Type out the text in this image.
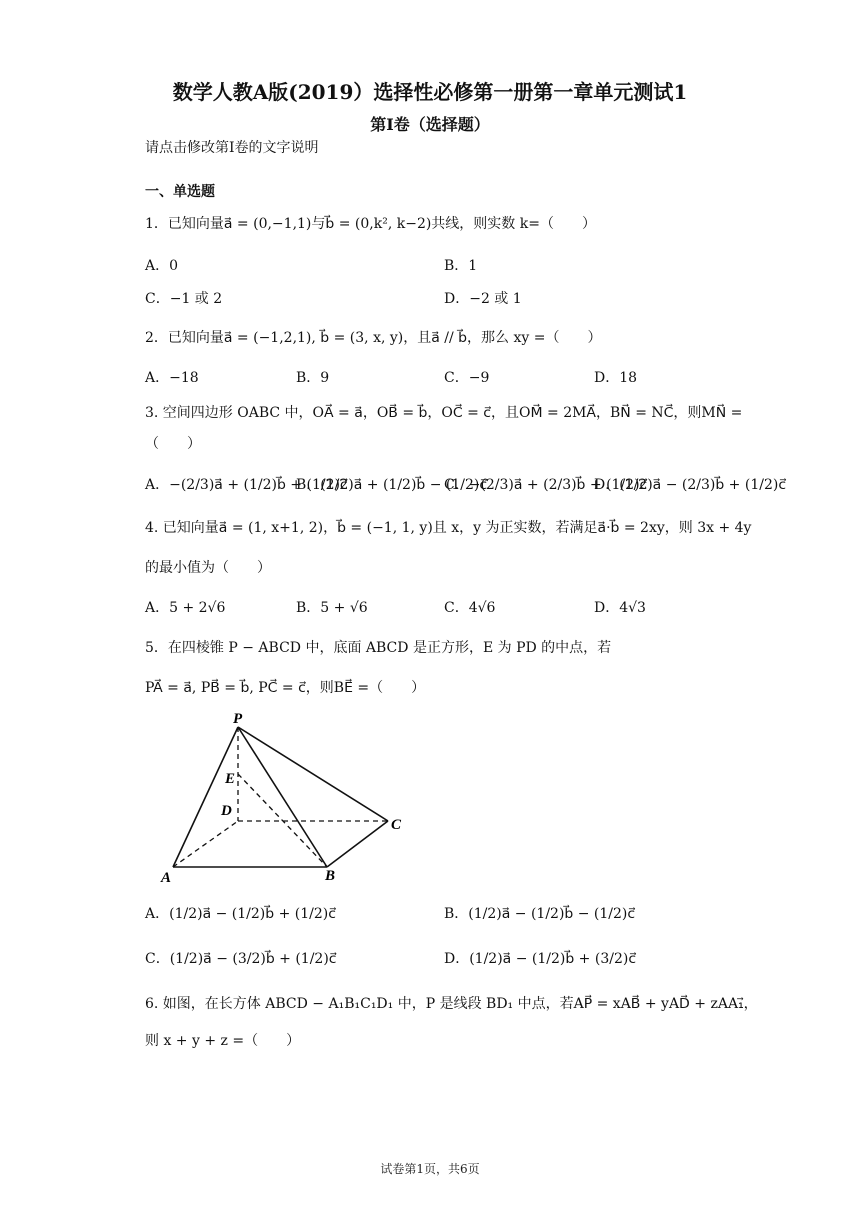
数学人教A版(2019）选择性必修第一册第一章单元测试1
第I卷（选择题）
请点击修改第I卷的文字说明
一、单选题
1．已知向量a⃗ = (0,−1,1)与b⃗ = (0,k², k−2)共线，则实数 k=（　　）
A．0	B．1
C．−1 或 2	D．−2 或 1
2．已知向量a⃗ = (−1,2,1), b⃗ = (3, x, y)，且a⃗ // b⃗，那么 xy =（　　）
A．−18	B．9	C．−9	D．18
3. 空间四边形 OABC 中，OA⃗ = a⃗，OB⃗ = b⃗，OC⃗ = c⃗，且OM⃗ = 2MA⃗，BN⃗ = NC⃗，则MN⃗ =
（　　）
A．−(2/3)a⃗ + (1/2)b⃗ + (1/2)c⃗
B．(1/2)a⃗ + (1/2)b⃗ − (1/2)c⃗
C．−(2/3)a⃗ + (2/3)b⃗ + (1/2)c⃗
D．(1/2)a⃗ − (2/3)b⃗ + (1/2)c⃗
4. 已知向量a⃗ = (1, x+1, 2)，b⃗ = (−1, 1, y)且 x，y 为正实数，若满足a⃗·b⃗ = 2xy，则 3x + 4y
的最小值为（　　）
A．5 + 2√6	B．5 + √6	C．4√6	D．4√3
5．在四棱锥 P − ABCD 中，底面 ABCD 是正方形，E 为 PD 的中点，若
PA⃗ = a⃗, PB⃗ = b⃗, PC⃗ = c⃗，则BE⃗ =（　　）
P
E
D
C
A	B
A．(1/2)a⃗ − (1/2)b⃗ + (1/2)c⃗	B．(1/2)a⃗ − (1/2)b⃗ − (1/2)c⃗
C．(1/2)a⃗ − (3/2)b⃗ + (1/2)c⃗	D．(1/2)a⃗ − (1/2)b⃗ + (3/2)c⃗
6. 如图，在长方体 ABCD − A₁B₁C₁D₁ 中，P 是线段 BD₁ 中点，若AP⃗ = xAB⃗ + yAD⃗ + zAA₁⃗，
则 x + y + z =（　　）
试卷第1页，共6页
